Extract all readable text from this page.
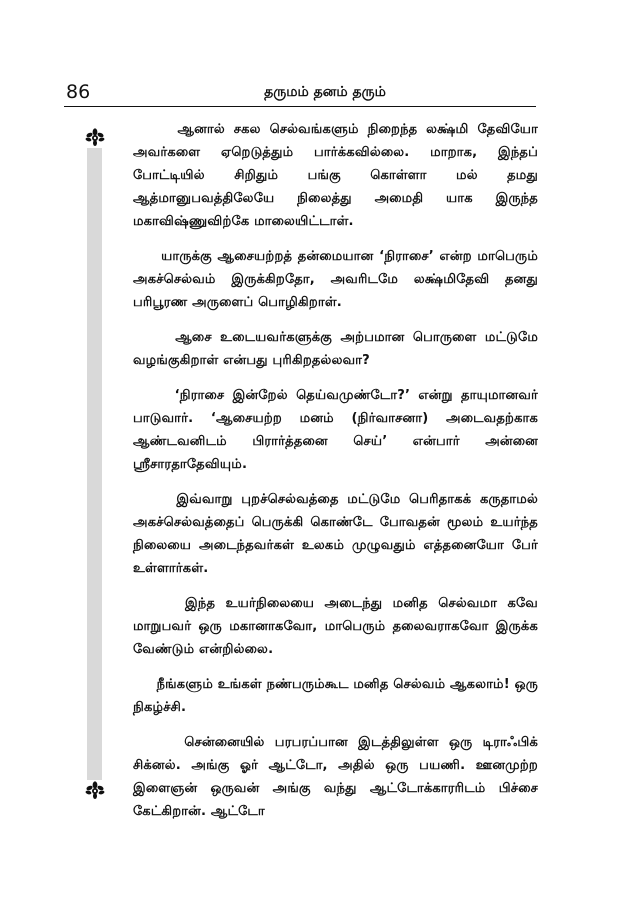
86	தருமம் தனம் தரும்

ஆனால் சகல செல்வங்களும் நிறைந்த லக்ஷ்மி தேவியோ அவர்களை ஏறெடுத்தும் பார்க்கவில்லை. மாறாக, இந்தப் போட்டியில் சிறிதும் பங்கு கொள்ளா மல் தமது ஆத்மானுபவத்திலேயே நிலைத்து அமைதி யாக இருந்த மகாவிஷ்ணுவிற்கே மாலையிட்டாள்.

யாருக்கு ஆசையற்றத் தன்மையான ‘நிராசை’ என்ற மாபெரும் அகச்செல்வம் இருக்கிறதோ, அவரிடமே லக்ஷ்மிதேவி தனது பரிபூரண அருளைப் பொழிகிறாள்.

ஆசை உடையவர்களுக்கு அற்பமான பொருளை மட்டுமே வழங்குகிறாள் என்பது புரிகிறதல்லவா?

‘நிராசை இன்றேல் தெய்வமுண்டோ?’ என்று தாயுமானவர் பாடுவார். ‘ஆசையற்ற மனம் (நிர்வாசனா) அடைவதற்காக ஆண்டவனிடம் பிரார்த்தனை செய்’ என்பார் அன்னை ஸ்ரீசாரதாதேவியும்.

இவ்வாறு புறச்செல்வத்தை மட்டுமே பெரிதாகக் கருதாமல் அகச்செல்வத்தைப் பெருக்கி கொண்டே போவதன் மூலம் உயர்ந்த நிலையை அடைந்தவர்கள் உலகம் முழுவதும் எத்தனையோ பேர் உள்ளார்கள்.

இந்த உயர்நிலையை அடைந்து மனித செல்வமா கவே மாறுபவர் ஒரு மகானாகவோ, மாபெரும் தலைவராகவோ இருக்க வேண்டும் என்றில்லை.

நீங்களும் உங்கள் நண்பரும்கூட மனித செல்வம் ஆகலாம்! ஒரு நிகழ்ச்சி.

சென்னையில் பரபரப்பான இடத்திலுள்ள ஒரு டிராஃபிக் சிக்னல். அங்கு ஓர் ஆட்டோ, அதில் ஒரு பயணி. ஊனமுற்ற இளைஞன் ஒருவன் அங்கு வந்து ஆட்டோக்காரரிடம் பிச்சை கேட்கிறான். ஆட்டோ
